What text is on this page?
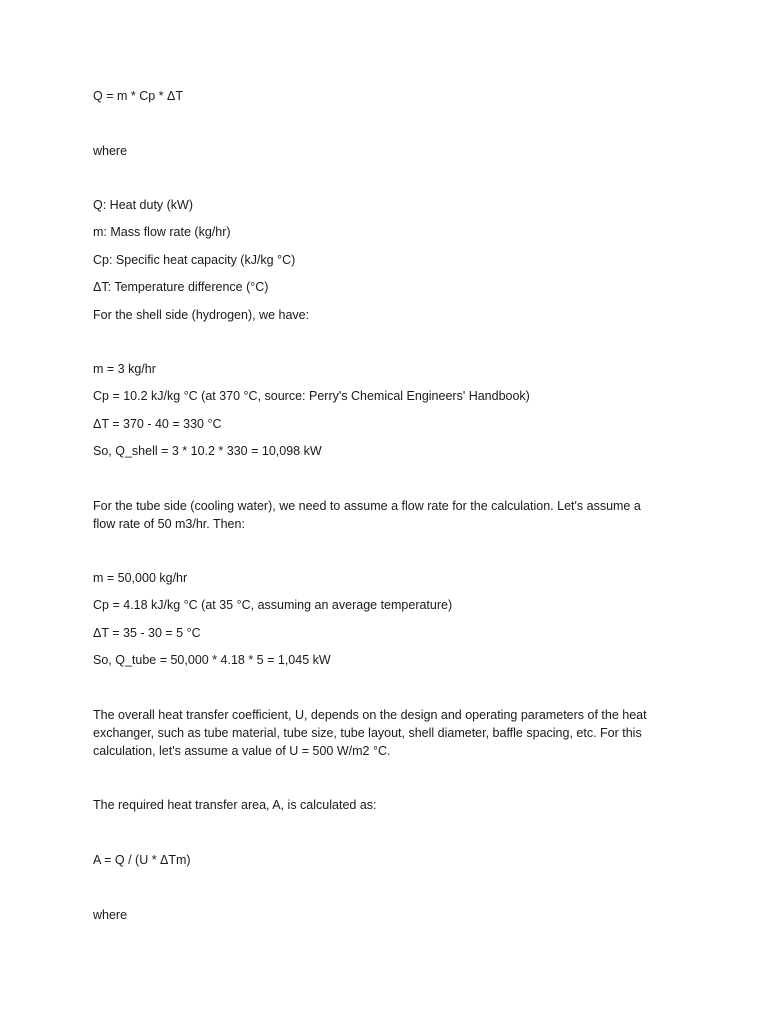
Q = m * Cp * ΔT
where
Q: Heat duty (kW)
m: Mass flow rate (kg/hr)
Cp: Specific heat capacity (kJ/kg °C)
ΔT: Temperature difference (°C)
For the shell side (hydrogen), we have:
m = 3 kg/hr
Cp = 10.2 kJ/kg °C (at 370 °C, source: Perry's Chemical Engineers' Handbook)
ΔT = 370 - 40 = 330 °C
So, Q_shell = 3 * 10.2 * 330 = 10,098 kW
For the tube side (cooling water), we need to assume a flow rate for the calculation. Let's assume a
flow rate of 50 m3/hr. Then:
m = 50,000 kg/hr
Cp = 4.18 kJ/kg °C (at 35 °C, assuming an average temperature)
ΔT = 35 - 30 = 5 °C
So, Q_tube = 50,000 * 4.18 * 5 = 1,045 kW
The overall heat transfer coefficient, U, depends on the design and operating parameters of the heat
exchanger, such as tube material, tube size, tube layout, shell diameter, baffle spacing, etc. For this
calculation, let's assume a value of U = 500 W/m2 °C.
The required heat transfer area, A, is calculated as:
A = Q / (U * ΔTm)
where
